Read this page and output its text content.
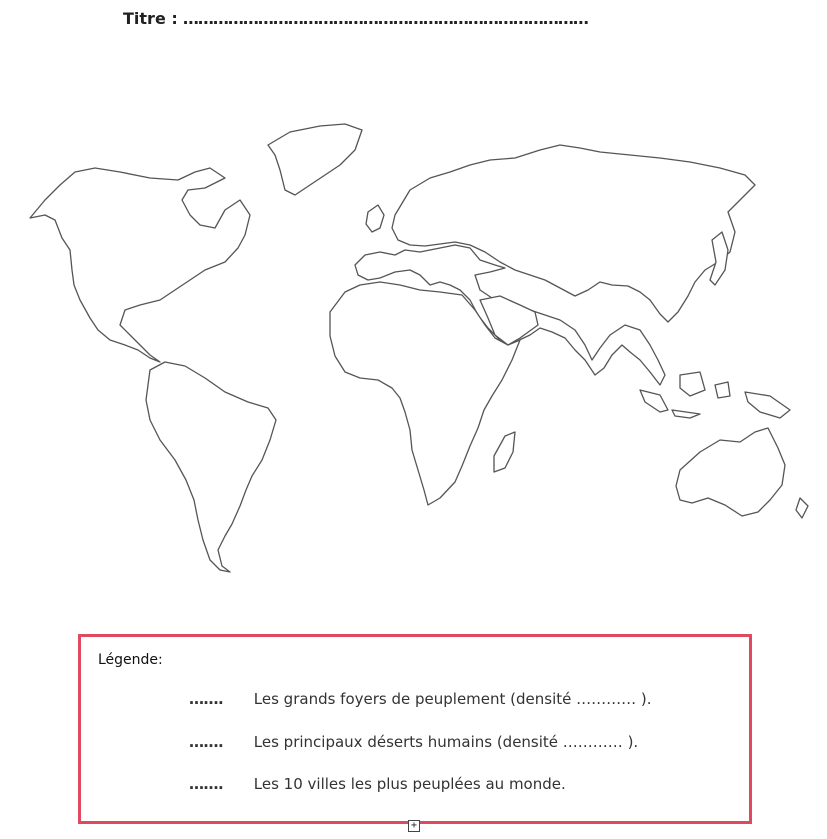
Titre : ………………………………………………………………………
Légende:
……. Les grands foyers de peuplement (densité ………… ).
……. Les principaux déserts humains (densité ………… ).
……. Les 10 villes les plus peuplées au monde.
+
